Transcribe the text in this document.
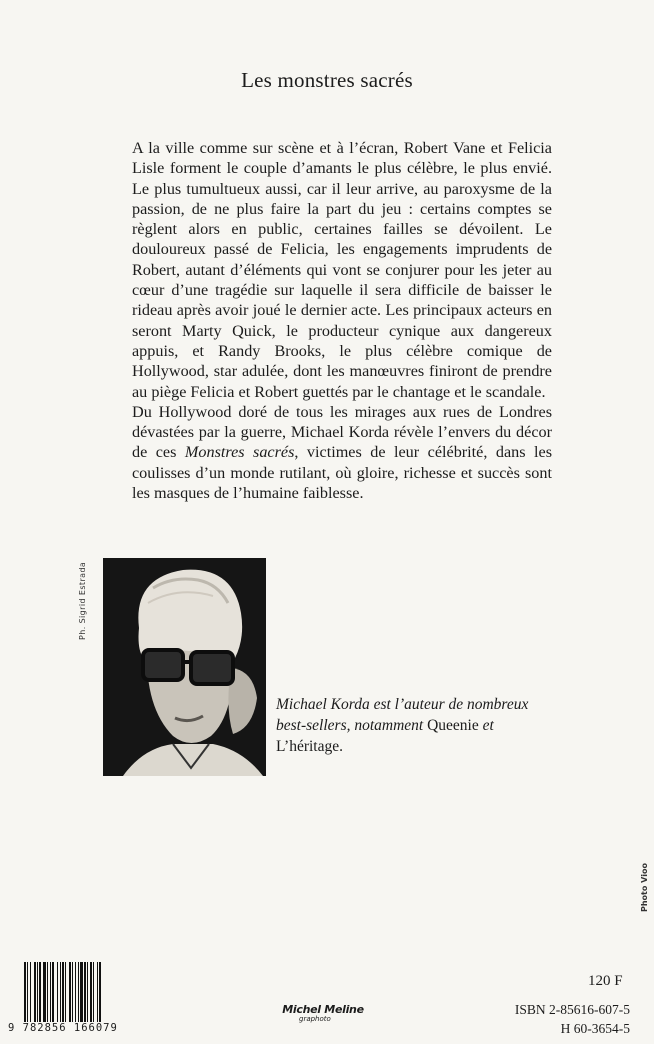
Les monstres sacrés

A la ville comme sur scène et à l’écran, Robert Vane et Felicia Lisle forment le couple d’amants le plus célèbre, le plus envié. Le plus tumultueux aussi, car il leur arrive, au paroxysme de la passion, de ne plus faire la part du jeu : certains comptes se règlent alors en public, certaines failles se dévoilent. Le douloureux passé de Felicia, les engagements imprudents de Robert, autant d’éléments qui vont se conjurer pour les jeter au cœur d’une tragédie sur laquelle il sera difficile de baisser le rideau après avoir joué le dernier acte. Les principaux acteurs en seront Marty Quick, le producteur cynique aux dangereux appuis, et Randy Brooks, le plus célèbre comique de Hollywood, star adulée, dont les manœuvres finiront de prendre au piège Felicia et Robert guettés par le chantage et le scandale.

Du Hollywood doré de tous les mirages aux rues de Londres dévastées par la guerre, Michael Korda révèle l’envers du décor de ces Monstres sacrés, victimes de leur célébrité, dans les coulisses d’un monde rutilant, où gloire, richesse et succès sont les masques de l’humaine faiblesse.

Ph. Sigrid Estrada
Michael Korda est l’auteur de nombreux best-sellers, notamment Queenie et
L’héritage.
Photo Vioo
9 782856 166079
Michel Meline
graphoto
120 F
ISBN 2-85616-607-5
H 60-3654-5
